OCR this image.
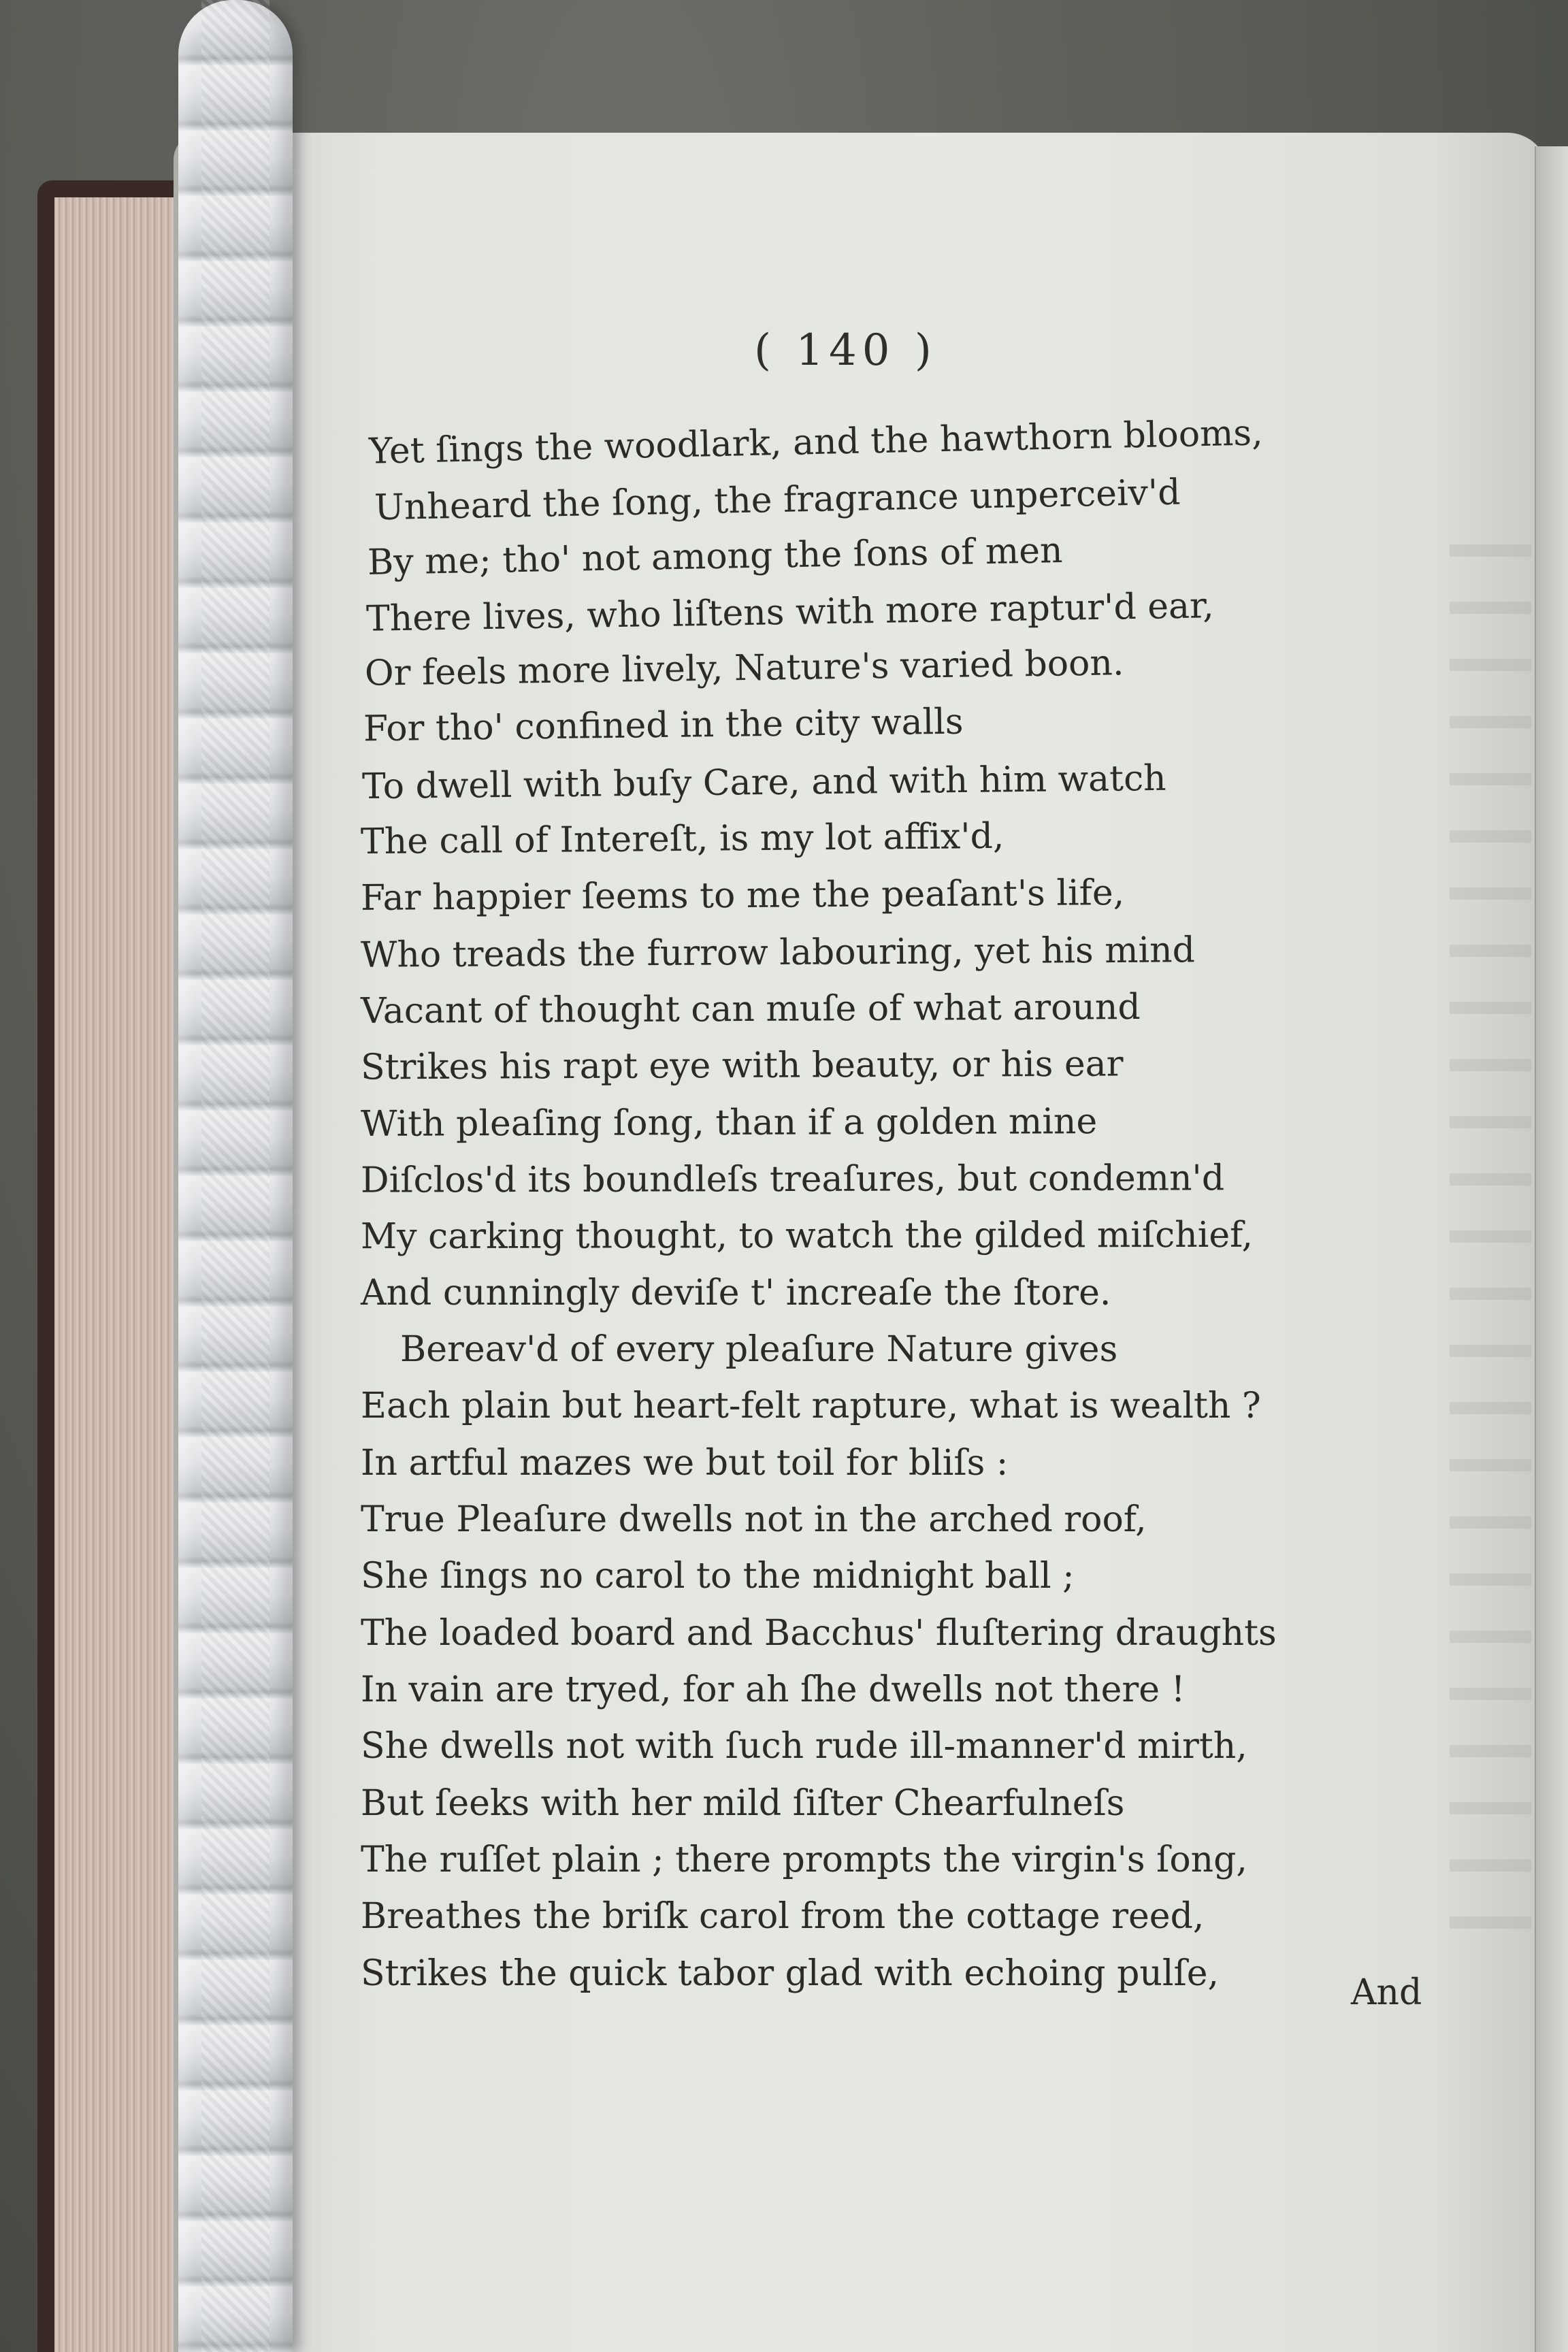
( 140 )
Yet ſings the woodlark, and the hawthorn blooms,
Unheard the ſong, the fragrance unperceiv'd
By me; tho' not among the ſons of men
There lives, who liſtens with more raptur'd ear,
Or feels more lively, Nature's varied boon.
For tho' confined in the city walls
To dwell with buſy Care, and with him watch
The call of Intereſt, is my lot affix'd,
Far happier ſeems to me the peaſant's life,
Who treads the furrow labouring, yet his mind
Vacant of thought can muſe of what around
Strikes his rapt eye with beauty, or his ear
With pleaſing ſong, than if a golden mine
Diſclos'd its boundleſs treaſures, but condemn'd
My carking thought, to watch the gilded miſchief,
And cunningly deviſe t' increaſe the ſtore.
Bereav'd of every pleaſure Nature gives
Each plain but heart-felt rapture, what is wealth ?
In artful mazes we but toil for bliſs :
True Pleaſure dwells not in the arched roof,
She ſings no carol to the midnight ball ;
The loaded board and Bacchus' fluſtering draughts
In vain are tryed, for ah ſhe dwells not there !
She dwells not with ſuch rude ill-manner'd mirth,
But ſeeks with her mild ſiſter Chearfulneſs
The ruſſet plain ; there prompts the virgin's ſong,
Breathes the briſk carol from the cottage reed,
Strikes the quick tabor glad with echoing pulſe,	And
